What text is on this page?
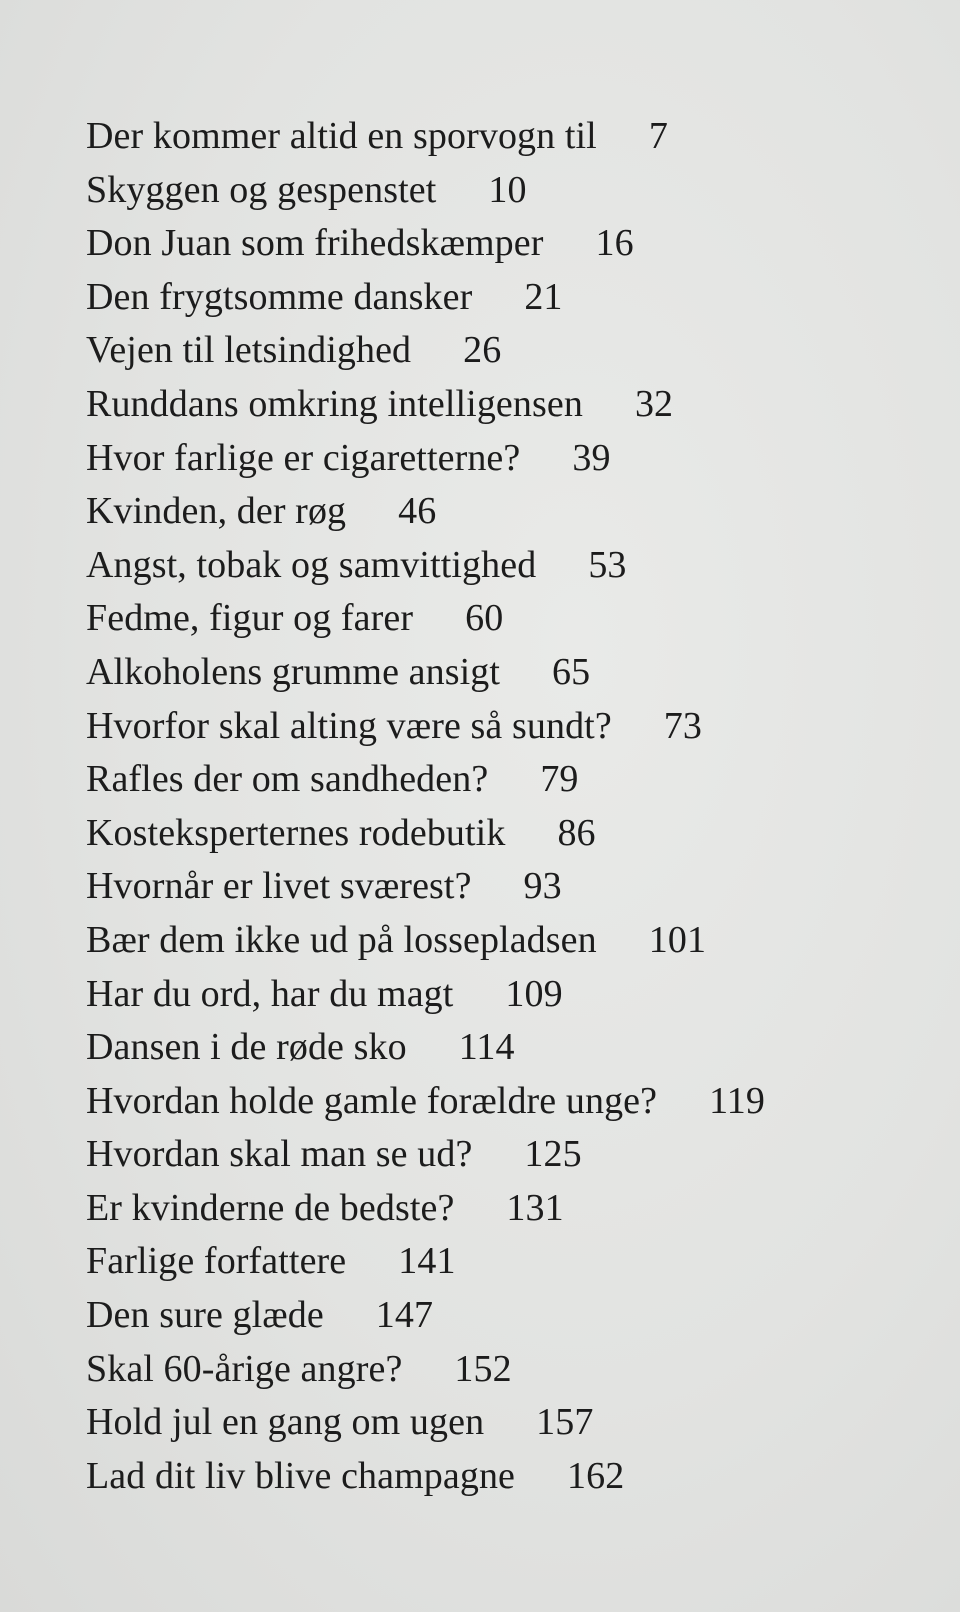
Der kommer altid en sporvogn til 7
Skyggen og gespenstet 10
Don Juan som frihedskæmper 16
Den frygtsomme dansker 21
Vejen til letsindighed 26
Runddans omkring intelligensen 32
Hvor farlige er cigaretterne? 39
Kvinden, der røg 46
Angst, tobak og samvittighed 53
Fedme, figur og farer 60
Alkoholens grumme ansigt 65
Hvorfor skal alting være så sundt? 73
Rafles der om sandheden? 79
Kosteksperternes rodebutik 86
Hvornår er livet sværest? 93
Bær dem ikke ud på lossepladsen 101
Har du ord, har du magt 109
Dansen i de røde sko 114
Hvordan holde gamle forældre unge? 119
Hvordan skal man se ud? 125
Er kvinderne de bedste? 131
Farlige forfattere 141
Den sure glæde 147
Skal 60-årige angre? 152
Hold jul en gang om ugen 157
Lad dit liv blive champagne 162
